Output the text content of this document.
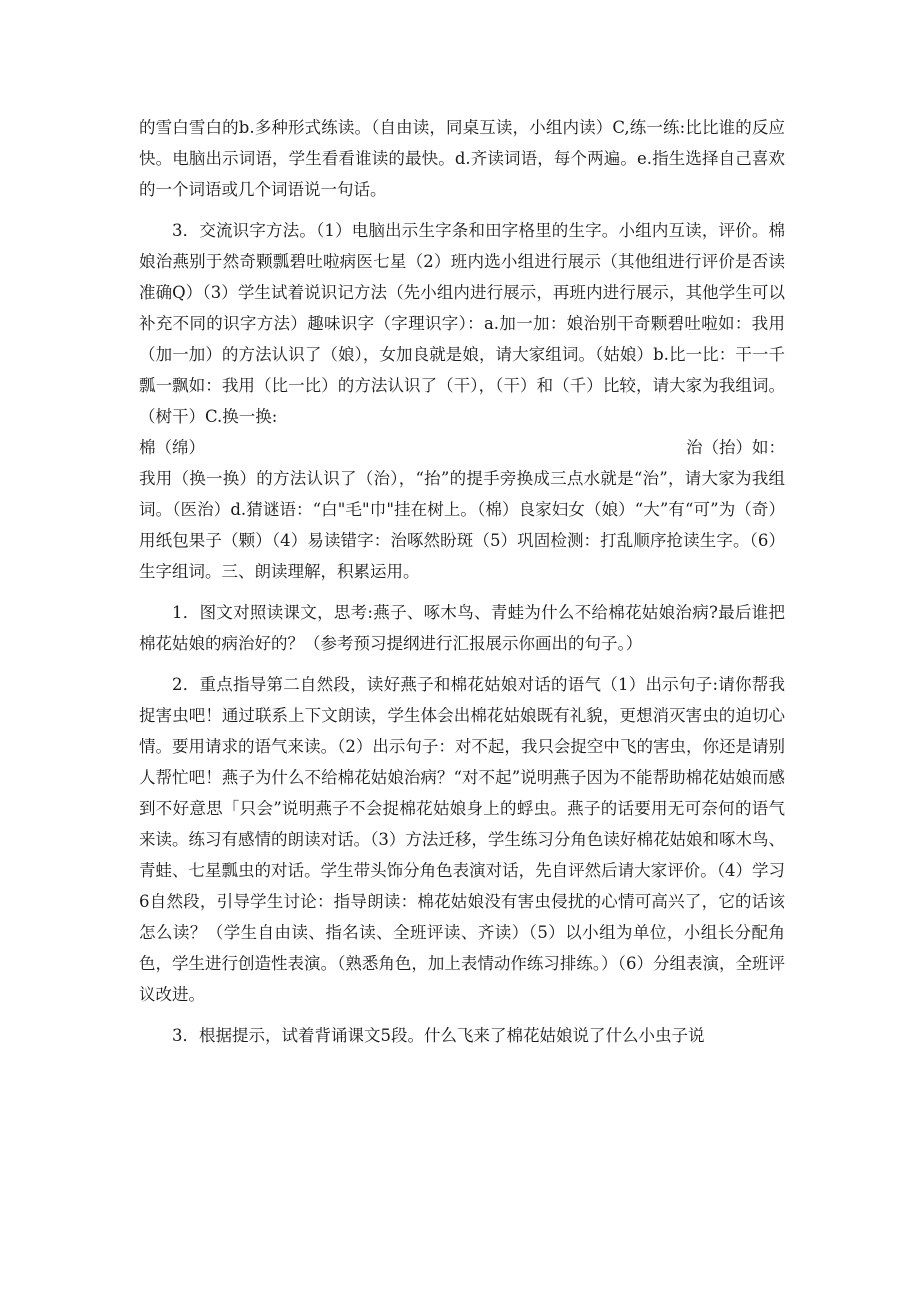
的雪白雪白的b.多种形式练读。（自由读，同桌互读，小组内读）C,练一练:比比谁的反应快。电脑出示词语，学生看看谁读的最快。d.齐读词语，每个两遍。e.指生选择自己喜欢的一个词语或几个词语说一句话。

3．交流识字方法。（1）电脑出示生字条和田字格里的生字。小组内互读，评价。棉娘治燕别于然奇颗瓢碧吐啦病医七星（2）班内选小组进行展示（其他组进行评价是否读准确Q）（3）学生试着说识记方法（先小组内进行展示，再班内进行展示，其他学生可以补充不同的识字方法）趣味识字（字理识字）：a.加一加：娘治别干奇颗碧吐啦如：我用（加一加）的方法认识了（娘），女加良就是娘，请大家组词。（姑娘）b.比一比：干一千瓢一飘如：我用（比一比）的方法认识了（干），（干）和（千）比较，请大家为我组词。（树干）C.换一换:

棉（绵）	治（抬）如：

我用（换一换）的方法认识了（治），“抬”的提手旁换成三点水就是“治”，请大家为我组词。（医治）d.猜谜语：“白"毛"巾"挂在树上。（棉）良家妇女（娘）“大”有“可”为（奇）用纸包果子（颗）（4）易读错字：治啄然盼斑（5）巩固检测：打乱顺序抢读生字。（6）生字组词。三、朗读理解，积累运用。

1．图文对照读课文，思考:燕子、啄木鸟、青蛙为什么不给棉花姑娘治病?最后谁把棉花姑娘的病治好的？（参考预习提纲进行汇报展示你画出的句子。）

2．重点指导第二自然段，读好燕子和棉花姑娘对话的语气（1）出示句子:请你帮我捉害虫吧！通过联系上下文朗读，学生体会出棉花姑娘既有礼貌，更想消灭害虫的迫切心情。要用请求的语气来读。（2）出示句子：对不起，我只会捉空中飞的害虫，你还是请别人帮忙吧！燕子为什么不给棉花姑娘治病？“对不起”说明燕子因为不能帮助棉花姑娘而感到不好意思「只会”说明燕子不会捉棉花姑娘身上的蜉虫。燕子的话要用无可奈何的语气来读。练习有感情的朗读对话。（3）方法迁移，学生练习分角色读好棉花姑娘和啄木鸟、青蛙、七星瓢虫的对话。学生带头饰分角色表演对话，先自评然后请大家评价。（4）学习6自然段，引导学生讨论：指导朗读：棉花姑娘没有害虫侵扰的心情可高兴了，它的话该怎么读？（学生自由读、指名读、全班评读、齐读）（5）以小组为单位，小组长分配角色，学生进行创造性表演。（熟悉角色，加上表情动作练习排练。）（6）分组表演，全班评议改进。

3．根据提示，试着背诵课文5段。什么飞来了棉花姑娘说了什么小虫子说
